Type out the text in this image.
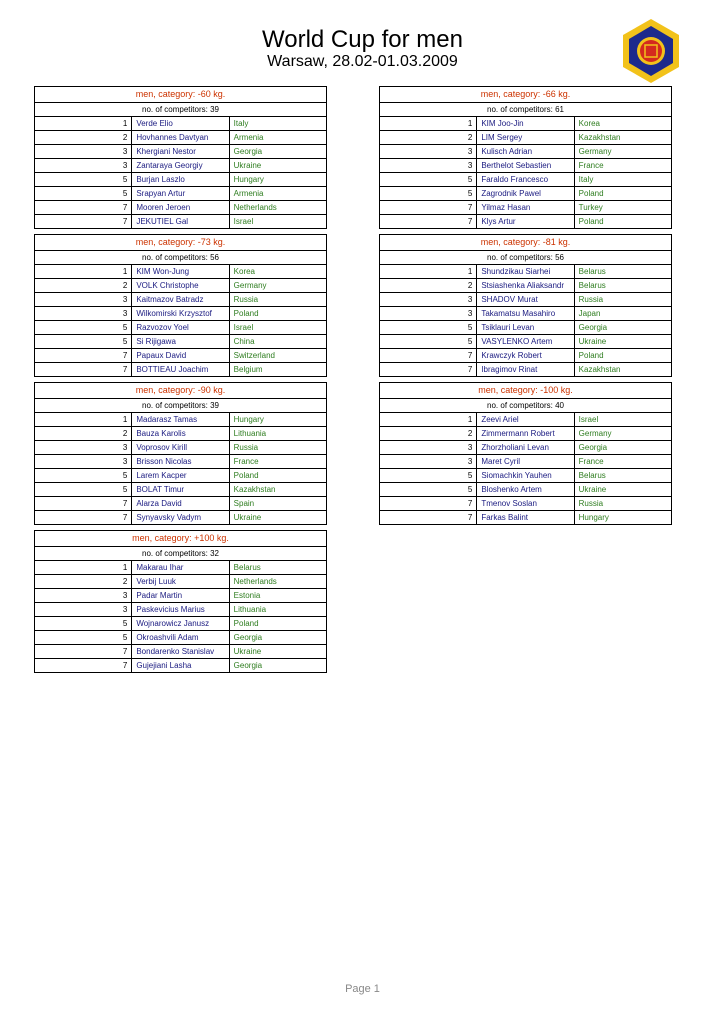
World Cup for men
Warsaw, 28.02-01.03.2009
men, category: -60 kg.		
no. of competitors: 39		
1	Verde Elio	Italy
2	Hovhannes Davtyan	Armenia
3	Khergiani Nestor	Georgia
3	Zantaraya Georgiy	Ukraine
5	Burjan Laszlo	Hungary
5	Srapyan Artur	Armenia
7	Mooren Jeroen	Netherlands
7	JEKUTIEL Gal	Israel
men, category: -66 kg.		
no. of competitors: 61		
1	KIM Joo-Jin	Korea
2	LIM Sergey	Kazakhstan
3	Kulisch Adrian	Germany
3	Berthelot Sebastien	France
5	Faraldo Francesco	Italy
5	Zagrodnik Pawel	Poland
7	Yilmaz Hasan	Turkey
7	Klys Artur	Poland
men, category: -73 kg.		
no. of competitors: 56		
1	KIM Won-Jung	Korea
2	VOLK Christophe	Germany
3	Kaitmazov Batradz	Russia
3	Wilkomirski Krzysztof	Poland
5	Razvozov Yoel	Israel
5	Si Rijigawa	China
7	Papaux David	Switzerland
7	BOTTIEAU Joachim	Belgium
men, category: -81 kg.		
no. of competitors: 56		
1	Shundzikau Siarhei	Belarus
2	Stsiashenka Aliaksandr	Belarus
3	SHADOV Murat	Russia
3	Takamatsu Masahiro	Japan
5	Tsiklauri Levan	Georgia
5	VASYLENKO Artem	Ukraine
7	Krawczyk Robert	Poland
7	Ibragimov Rinat	Kazakhstan
men, category: -90 kg.		
no. of competitors: 39		
1	Madarasz Tamas	Hungary
2	Bauza Karolis	Lithuania
3	Voprosov Kirill	Russia
3	Brisson Nicolas	France
5	Larem Kacper	Poland
5	BOLAT Timur	Kazakhstan
7	Alarza David	Spain
7	Synyavsky Vadym	Ukraine
men, category: -100 kg.		
no. of competitors: 40		
1	Zeevi Ariel	Israel
2	Zimmermann Robert	Germany
3	Zhorzholiani Levan	Georgia
3	Maret Cyril	France
5	Siomachkin Yauhen	Belarus
5	Bloshenko Artem	Ukraine
7	Tmenov Soslan	Russia
7	Farkas Balint	Hungary
men, category: +100 kg.		
no. of competitors: 32		
1	Makarau Ihar	Belarus
2	Verbij Luuk	Netherlands
3	Padar Martin	Estonia
3	Paskevicius Marius	Lithuania
5	Wojnarowicz Janusz	Poland
5	Okroashvili Adam	Georgia
7	Bondarenko Stanislav	Ukraine
7	Gujejiani Lasha	Georgia
Page 1
